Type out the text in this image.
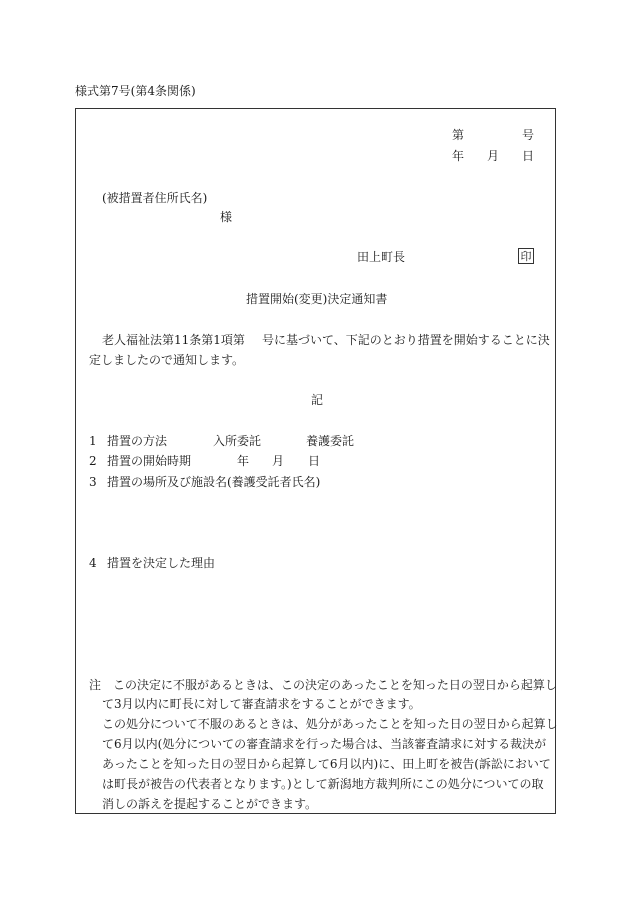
様式第7号(第4条関係)
第	号
年 月 日
(被措置者住所氏名)
様
田上町長	印
措置開始(変更)決定通知書
老人福祉法第11条第1項第 号に基づいて、下記のとおり措置を開始することに決
定しましたので通知します。
記
1 措置の方法	入所委託	養護委託
2 措置の開始時期	年 月 日
3 措置の場所及び施設名(養護受託者氏名)
4 措置を決定した理由
注 この決定に不服があるときは、この決定のあったことを知った日の翌日から起算し
て3月以内に町長に対して審査請求をすることができます。
この処分について不服のあるときは、処分があったことを知った日の翌日から起算し
て6月以内(処分についての審査請求を行った場合は、当該審査請求に対する裁決が
あったことを知った日の翌日から起算して6月以内)に、田上町を被告(訴訟において
は町長が被告の代表者となります。)として新潟地方裁判所にこの処分についての取
消しの訴えを提起することができます。
